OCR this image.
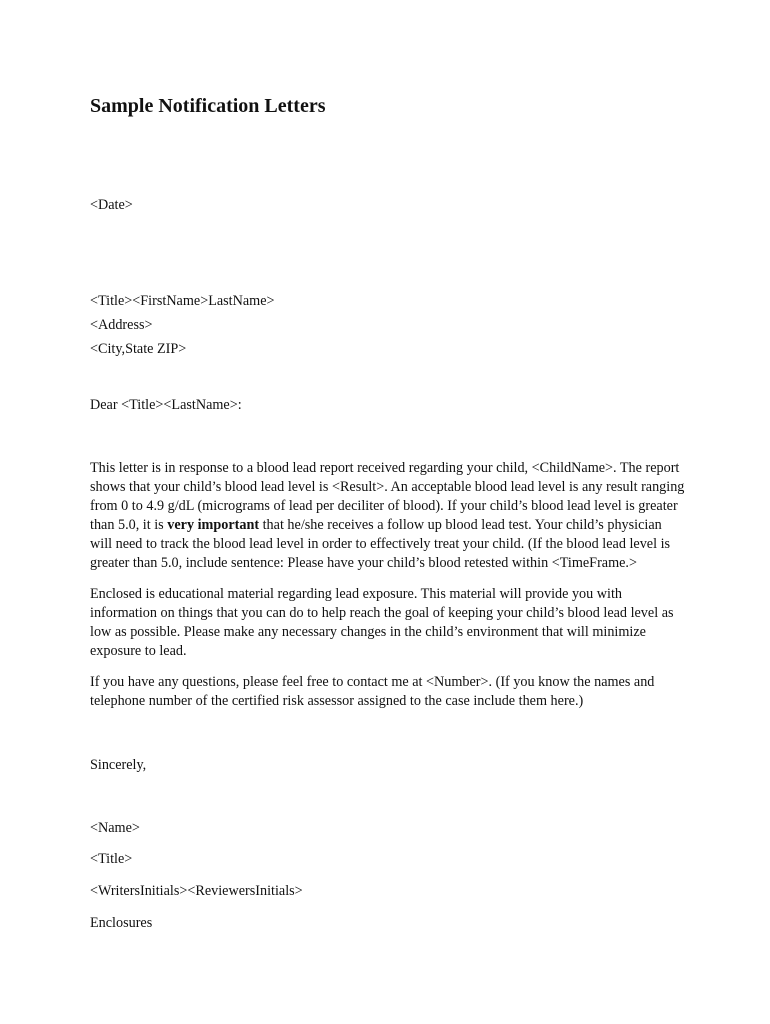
Sample Notification Letters
<Date>
<Title><FirstName>LastName>
<Address>
<City,State ZIP>
Dear <Title><LastName>:
This letter is in response to a blood lead report received regarding your child, <ChildName>. The report
shows that your child’s blood lead level is <Result>. An acceptable blood lead level is any result ranging
from 0 to 4.9 g/dL (micrograms of lead per deciliter of blood). If your child’s blood lead level is greater
than 5.0, it is very important that he/she receives a follow up blood lead test. Your child’s physician
will need to track the blood lead level in order to effectively treat your child. (If the blood lead level is
greater than 5.0, include sentence: Please have your child’s blood retested within <TimeFrame.>
Enclosed is educational material regarding lead exposure. This material will provide you with
information on things that you can do to help reach the goal of keeping your child’s blood lead level as
low as possible. Please make any necessary changes in the child’s environment that will minimize
exposure to lead.
If you have any questions, please feel free to contact me at <Number>. (If you know the names and
telephone number of the certified risk assessor assigned to the case include them here.)
Sincerely,
<Name>
<Title>
<WritersInitials><ReviewersInitials>
Enclosures
